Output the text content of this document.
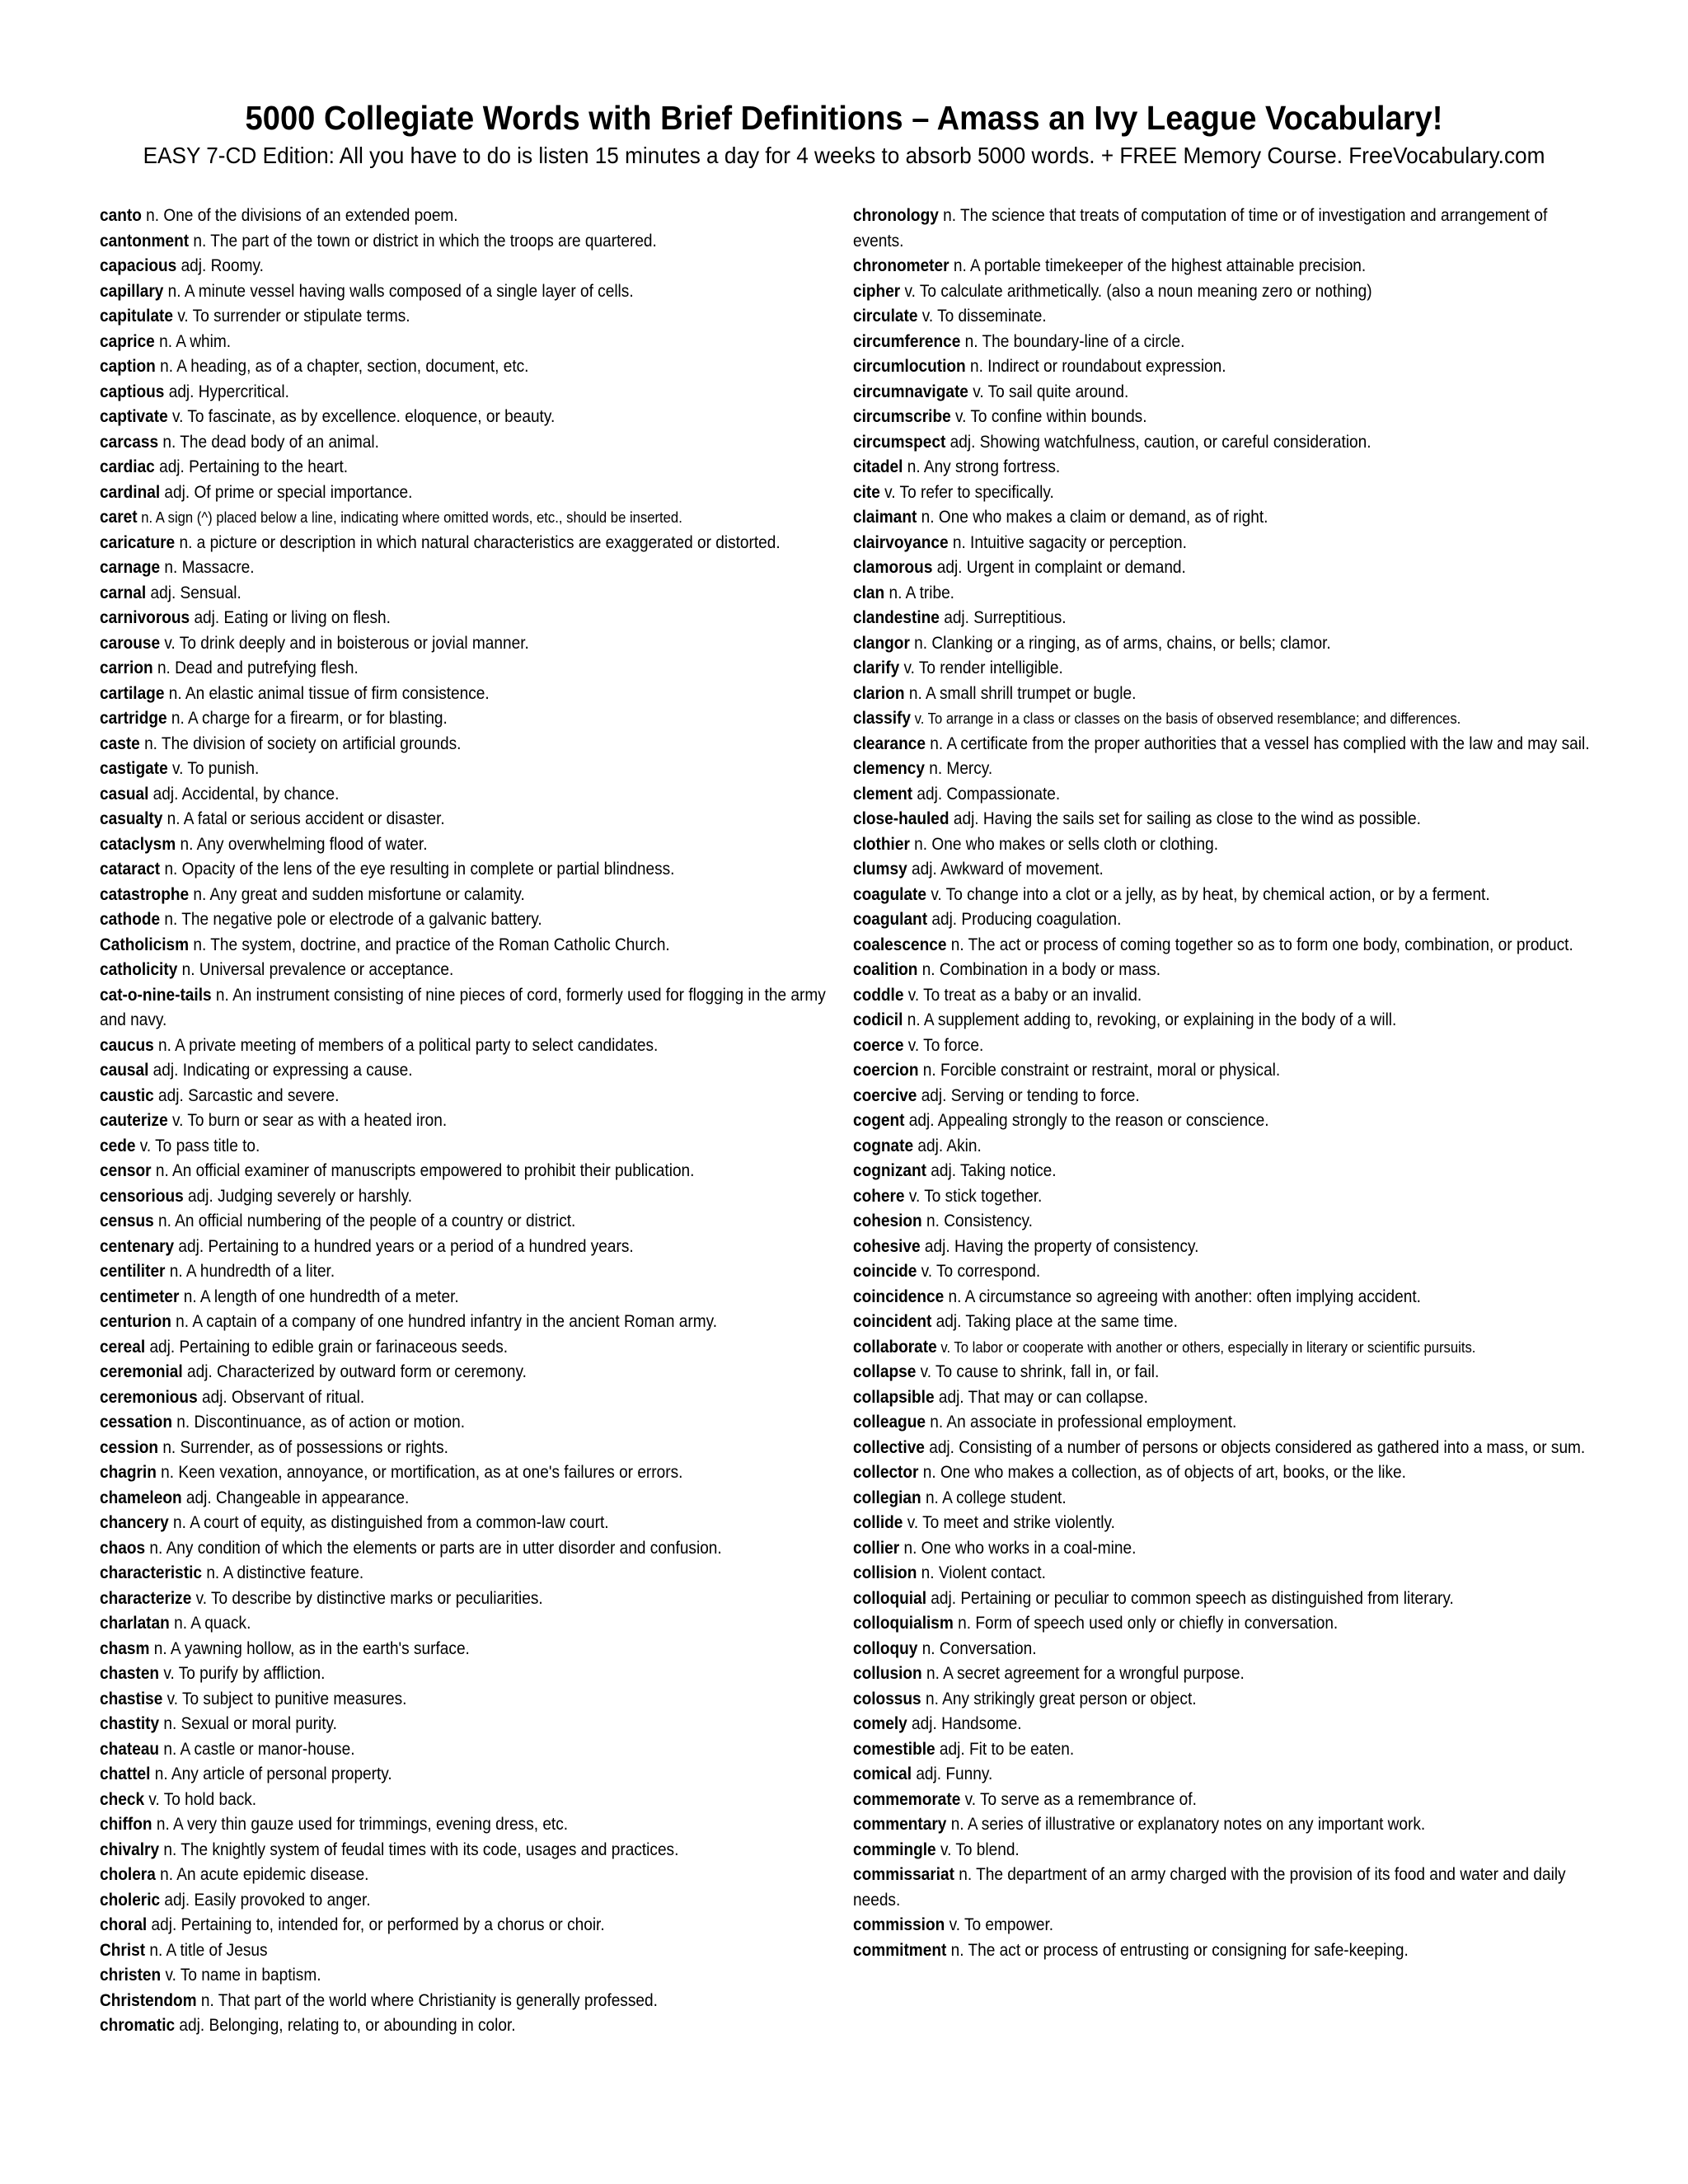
5000 Collegiate Words with Brief Definitions – Amass an Ivy League Vocabulary!
EASY 7-CD Edition: All you have to do is listen 15 minutes a day for 4 weeks to absorb 5000 words. + FREE Memory Course. FreeVocabulary.com
canto n. One of the divisions of an extended poem.
cantonment n. The part of the town or district in which the troops are quartered.
capacious adj. Roomy.
capillary n. A minute vessel having walls composed of a single layer of cells.
capitulate v. To surrender or stipulate terms.
caprice n. A whim.
caption n. A heading, as of a chapter, section, document, etc.
captious adj. Hypercritical.
captivate v. To fascinate, as by excellence. eloquence, or beauty.
carcass n. The dead body of an animal.
cardiac adj. Pertaining to the heart.
cardinal adj. Of prime or special importance.
caret n. A sign (^) placed below a line, indicating where omitted words, etc., should be inserted.
caricature n. a picture or description in which natural characteristics are exaggerated or distorted.
carnage n. Massacre.
carnal adj. Sensual.
carnivorous adj. Eating or living on flesh.
carouse v. To drink deeply and in boisterous or jovial manner.
carrion n. Dead and putrefying flesh.
cartilage n. An elastic animal tissue of firm consistence.
cartridge n. A charge for a firearm, or for blasting.
caste n. The division of society on artificial grounds.
castigate v. To punish.
casual adj. Accidental, by chance.
casualty n. A fatal or serious accident or disaster.
cataclysm n. Any overwhelming flood of water.
cataract n. Opacity of the lens of the eye resulting in complete or partial blindness.
catastrophe n. Any great and sudden misfortune or calamity.
cathode n. The negative pole or electrode of a galvanic battery.
Catholicism n. The system, doctrine, and practice of the Roman Catholic Church.
catholicity n. Universal prevalence or acceptance.
cat-o-nine-tails n. An instrument consisting of nine pieces of cord, formerly used for flogging in the army and navy.
caucus n. A private meeting of members of a political party to select candidates.
causal adj. Indicating or expressing a cause.
caustic adj. Sarcastic and severe.
cauterize v. To burn or sear as with a heated iron.
cede v. To pass title to.
censor n. An official examiner of manuscripts empowered to prohibit their publication.
censorious adj. Judging severely or harshly.
census n. An official numbering of the people of a country or district.
centenary adj. Pertaining to a hundred years or a period of a hundred years.
centiliter n. A hundredth of a liter.
centimeter n. A length of one hundredth of a meter.
centurion n. A captain of a company of one hundred infantry in the ancient Roman army.
cereal adj. Pertaining to edible grain or farinaceous seeds.
ceremonial adj. Characterized by outward form or ceremony.
ceremonious adj. Observant of ritual.
cessation n. Discontinuance, as of action or motion.
cession n. Surrender, as of possessions or rights.
chagrin n. Keen vexation, annoyance, or mortification, as at one's failures or errors.
chameleon adj. Changeable in appearance.
chancery n. A court of equity, as distinguished from a common-law court.
chaos n. Any condition of which the elements or parts are in utter disorder and confusion.
characteristic n. A distinctive feature.
characterize v. To describe by distinctive marks or peculiarities.
charlatan n. A quack.
chasm n. A yawning hollow, as in the earth's surface.
chasten v. To purify by affliction.
chastise v. To subject to punitive measures.
chastity n. Sexual or moral purity.
chateau n. A castle or manor-house.
chattel n. Any article of personal property.
check v. To hold back.
chiffon n. A very thin gauze used for trimmings, evening dress, etc.
chivalry n. The knightly system of feudal times with its code, usages and practices.
cholera n. An acute epidemic disease.
choleric adj. Easily provoked to anger.
choral adj. Pertaining to, intended for, or performed by a chorus or choir.
Christ n. A title of Jesus
christen v. To name in baptism.
Christendom n. That part of the world where Christianity is generally professed.
chromatic adj. Belonging, relating to, or abounding in color.
chronology n. The science that treats of computation of time or of investigation and arrangement of events.
chronometer n. A portable timekeeper of the highest attainable precision.
cipher v. To calculate arithmetically. (also a noun meaning zero or nothing)
circulate v. To disseminate.
circumference n. The boundary-line of a circle.
circumlocution n. Indirect or roundabout expression.
circumnavigate v. To sail quite around.
circumscribe v. To confine within bounds.
circumspect adj. Showing watchfulness, caution, or careful consideration.
citadel n. Any strong fortress.
cite v. To refer to specifically.
claimant n. One who makes a claim or demand, as of right.
clairvoyance n. Intuitive sagacity or perception.
clamorous adj. Urgent in complaint or demand.
clan n. A tribe.
clandestine adj. Surreptitious.
clangor n. Clanking or a ringing, as of arms, chains, or bells; clamor.
clarify v. To render intelligible.
clarion n. A small shrill trumpet or bugle.
classify v. To arrange in a class or classes on the basis of observed resemblance; and differences.
clearance n. A certificate from the proper authorities that a vessel has complied with the law and may sail.
clemency n. Mercy.
clement adj. Compassionate.
close-hauled adj. Having the sails set for sailing as close to the wind as possible.
clothier n. One who makes or sells cloth or clothing.
clumsy adj. Awkward of movement.
coagulate v. To change into a clot or a jelly, as by heat, by chemical action, or by a ferment.
coagulant adj. Producing coagulation.
coalescence n. The act or process of coming together so as to form one body, combination, or product.
coalition n. Combination in a body or mass.
coddle v. To treat as a baby or an invalid.
codicil n. A supplement adding to, revoking, or explaining in the body of a will.
coerce v. To force.
coercion n. Forcible constraint or restraint, moral or physical.
coercive adj. Serving or tending to force.
cogent adj. Appealing strongly to the reason or conscience.
cognate adj. Akin.
cognizant adj. Taking notice.
cohere v. To stick together.
cohesion n. Consistency.
cohesive adj. Having the property of consistency.
coincide v. To correspond.
coincidence n. A circumstance so agreeing with another: often implying accident.
coincident adj. Taking place at the same time.
collaborate v. To labor or cooperate with another or others, especially in literary or scientific pursuits.
collapse v. To cause to shrink, fall in, or fail.
collapsible adj. That may or can collapse.
colleague n. An associate in professional employment.
collective adj. Consisting of a number of persons or objects considered as gathered into a mass, or sum.
collector n. One who makes a collection, as of objects of art, books, or the like.
collegian n. A college student.
collide v. To meet and strike violently.
collier n. One who works in a coal-mine.
collision n. Violent contact.
colloquial adj. Pertaining or peculiar to common speech as distinguished from literary.
colloquialism n. Form of speech used only or chiefly in conversation.
colloquy n. Conversation.
collusion n. A secret agreement for a wrongful purpose.
colossus n. Any strikingly great person or object.
comely adj. Handsome.
comestible adj. Fit to be eaten.
comical adj. Funny.
commemorate v. To serve as a remembrance of.
commentary n. A series of illustrative or explanatory notes on any important work.
commingle v. To blend.
commissariat n. The department of an army charged with the provision of its food and water and daily needs.
commission v. To empower.
commitment n. The act or process of entrusting or consigning for safe-keeping.
